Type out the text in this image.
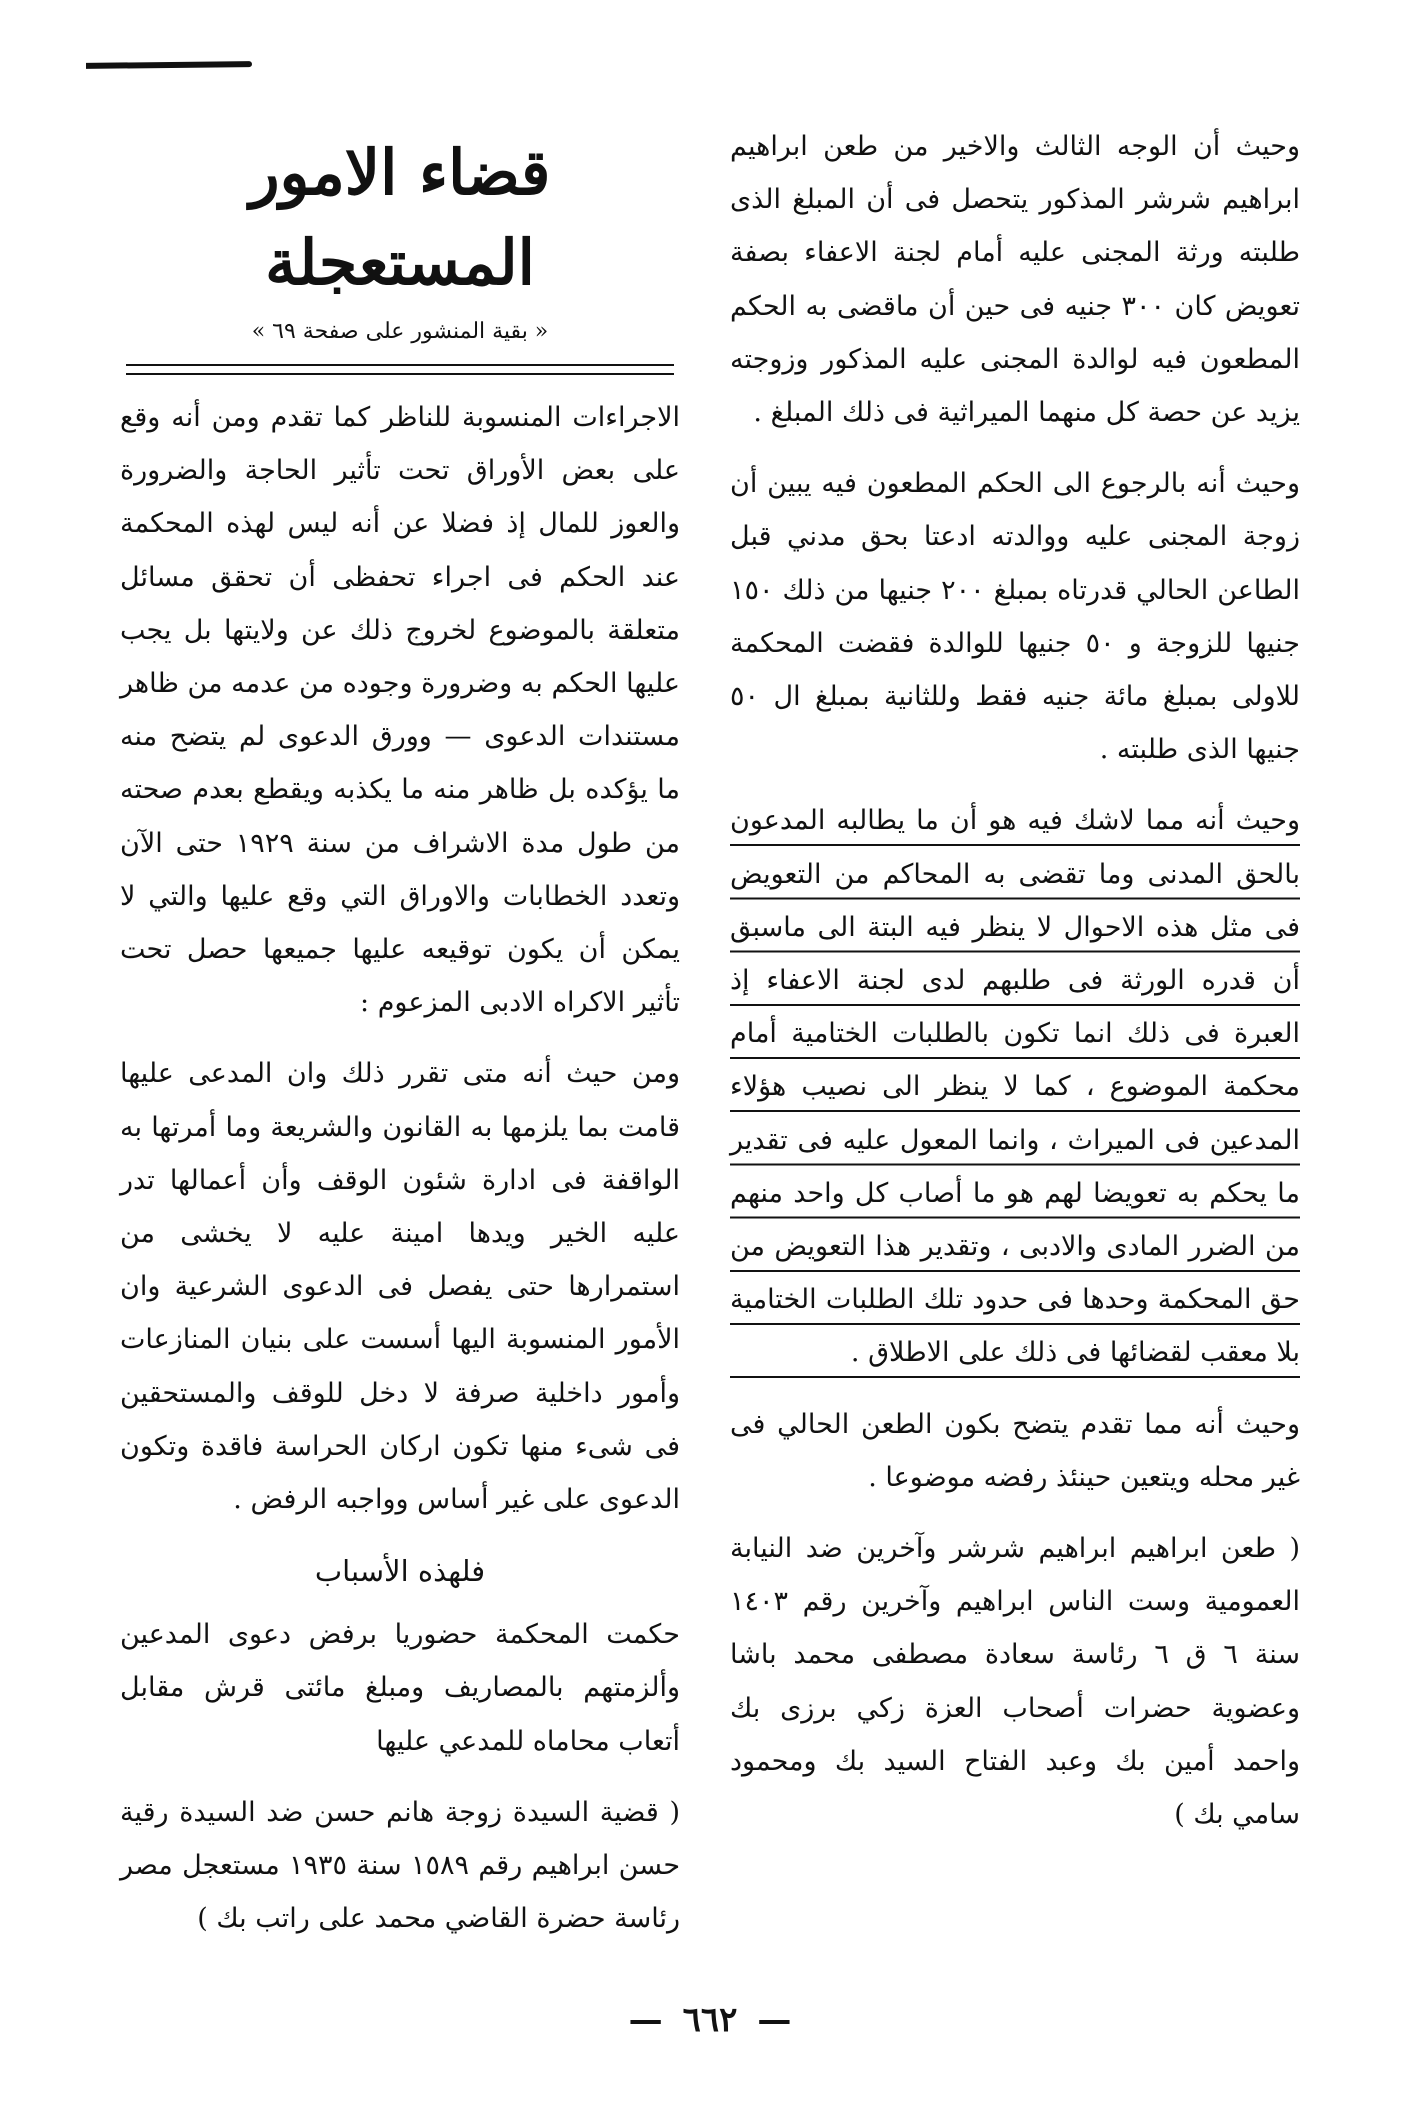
وحيث أن الوجه الثالث والاخير من طعن ابراهيم ابراهيم شرشر المذكور يتحصل فى أن المبلغ الذى طلبته ورثة المجنى عليه أمام لجنة الاعفاء بصفة تعويض كان ٣٠٠ جنيه فى حين أن ماقضى به الحكم المطعون فيه لوالدة المجنى عليه المذكور وزوجته يزيد عن حصة كل منهما الميراثية فى ذلك المبلغ .

وحيث أنه بالرجوع الى الحكم المطعون فيه يبين أن زوجة المجنى عليه ووالدته ادعتا بحق مدني قبل الطاعن الحالي قدرتاه بمبلغ ٢٠٠ جنيها من ذلك ١٥٠ جنيها للزوجة و ٥٠ جنيها للوالدة فقضت المحكمة للاولى بمبلغ مائة جنيه فقط وللثانية بمبلغ ال ٥٠ جنيها الذى طلبته .

وحيث أنه مما لاشك فيه هو أن ما يطالبه المدعون بالحق المدنى وما تقضى به المحاكم من التعويض فى مثل هذه الاحوال لا ينظر فيه البتة الى ماسبق أن قدره الورثة فى طلبهم لدى لجنة الاعفاء إذ العبرة فى ذلك انما تكون بالطلبات الختامية أمام محكمة الموضوع ، كما لا ينظر الى نصيب هؤلاء المدعين فى الميراث ، وانما المعول عليه فى تقدير ما يحكم به تعويضا لهم هو ما أصاب كل واحد منهم من الضرر المادى والادبى ، وتقدير هذا التعويض من حق المحكمة وحدها فى حدود تلك الطلبات الختامية بلا معقب لقضائها فى ذلك على الاطلاق .

وحيث أنه مما تقدم يتضح بكون الطعن الحالي فى غير محله ويتعين حينئذ رفضه موضوعا .

( طعن ابراهيم ابراهيم شرشر وآخرين ضد النيابة العمومية وست الناس ابراهيم وآخرين رقم ١٤٠٣ سنة ٦ ق ٦ رئاسة سعادة مصطفى محمد باشا وعضوية حضرات أصحاب العزة زكي برزى بك واحمد أمين بك وعبد الفتاح السيد بك ومحمود سامي بك )

قضاء الامور المستعجلة
« بقية المنشور على صفحة ٦٩ »

الاجراءات المنسوبة للناظر كما تقدم ومن أنه وقع على بعض الأوراق تحت تأثير الحاجة والضرورة والعوز للمال إذ فضلا عن أنه ليس لهذه المحكمة عند الحكم فى اجراء تحفظى أن تحقق مسائل متعلقة بالموضوع لخروج ذلك عن ولايتها بل يجب عليها الحكم به وضرورة وجوده من عدمه من ظاهر مستندات الدعوى — وورق الدعوى لم يتضح منه ما يؤكده بل ظاهر منه ما يكذبه ويقطع بعدم صحته من طول مدة الاشراف من سنة ١٩٢٩ حتى الآن وتعدد الخطابات والاوراق التي وقع عليها والتي لا يمكن أن يكون توقيعه عليها جميعها حصل تحت تأثير الاكراه الادبى المزعوم :

ومن حيث أنه متى تقرر ذلك وان المدعى عليها قامت بما يلزمها به القانون والشريعة وما أمرتها به الواقفة فى ادارة شئون الوقف وأن أعمالها تدر عليه الخير ويدها امينة عليه لا يخشى من استمرارها حتى يفصل فى الدعوى الشرعية وان الأمور المنسوبة اليها أسست على بنيان المنازعات وأمور داخلية صرفة لا دخل للوقف والمستحقين فى شىء منها تكون اركان الحراسة فاقدة وتكون الدعوى على غير أساس وواجبه الرفض .

فلهذه الأسباب

حكمت المحكمة حضوريا برفض دعوى المدعين وألزمتهم بالمصاريف ومبلغ مائتى قرش مقابل أتعاب محاماه للمدعي عليها

( قضية السيدة زوجة هانم حسن ضد السيدة رقية حسن ابراهيم رقم ١٥٨٩ سنة ١٩٣٥ مستعجل مصر رئاسة حضرة القاضي محمد على راتب بك )

—٦٦٢—
